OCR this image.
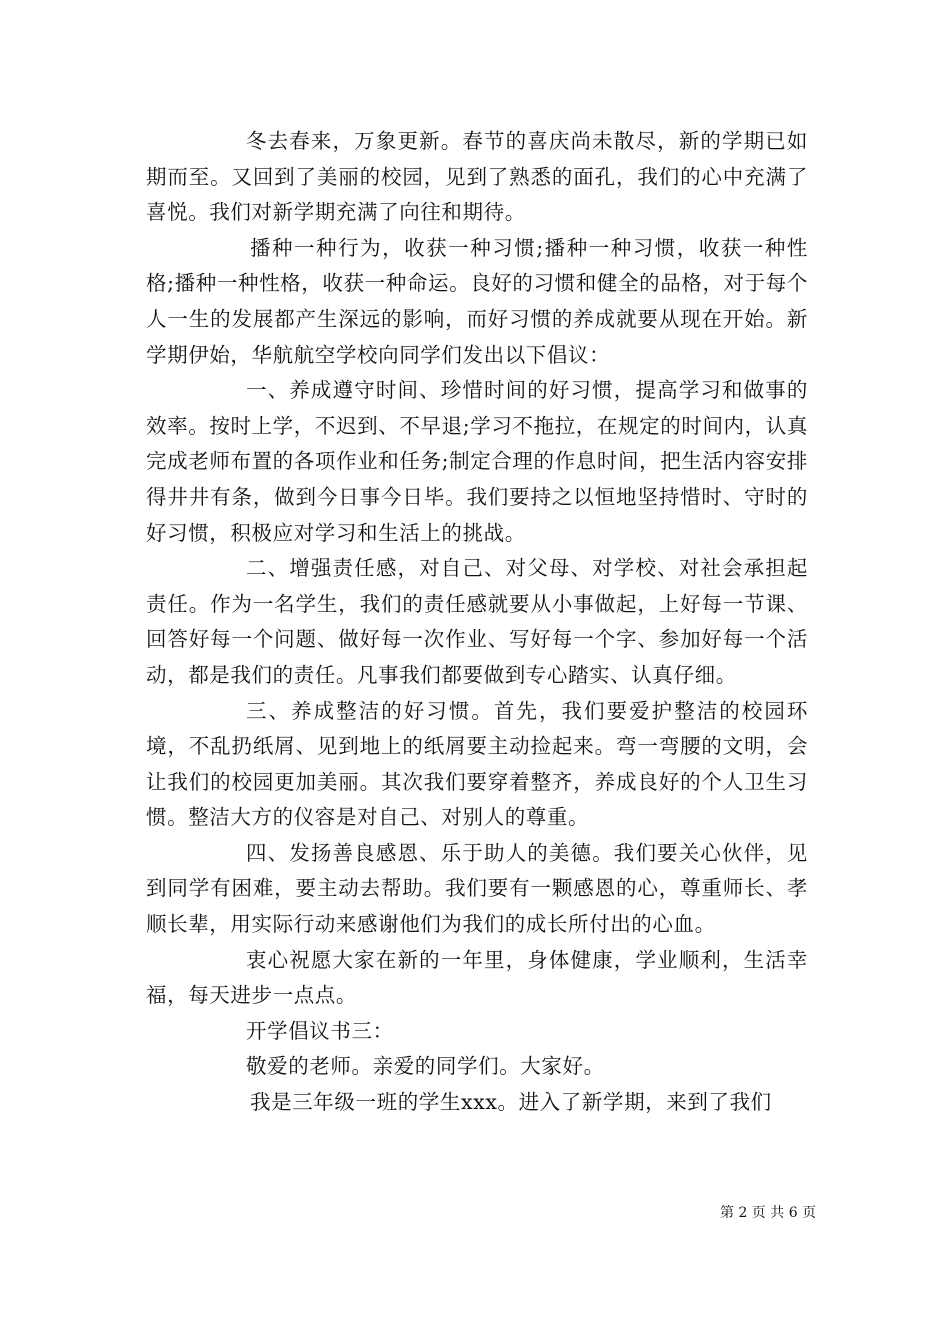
冬去春来，万象更新。春节的喜庆尚未散尽，新的学期已如期而至。又回到了美丽的校园，见到了熟悉的面孔，我们的心中充满了喜悦。我们对新学期充满了向往和期待。

播种一种行为，收获一种习惯;播种一种习惯，收获一种性格;播种一种性格，收获一种命运。良好的习惯和健全的品格，对于每个人一生的发展都产生深远的影响，而好习惯的养成就要从现在开始。新学期伊始，华航航空学校向同学们发出以下倡议：

一、养成遵守时间、珍惜时间的好习惯，提高学习和做事的效率。按时上学，不迟到、不早退;学习不拖拉，在规定的时间内，认真完成老师布置的各项作业和任务;制定合理的作息时间，把生活内容安排得井井有条，做到今日事今日毕。我们要持之以恒地坚持惜时、守时的好习惯，积极应对学习和生活上的挑战。

二、增强责任感，对自己、对父母、对学校、对社会承担起责任。作为一名学生，我们的责任感就要从小事做起，上好每一节课、回答好每一个问题、做好每一次作业、写好每一个字、参加好每一个活动，都是我们的责任。凡事我们都要做到专心踏实、认真仔细。

三、养成整洁的好习惯。首先，我们要爱护整洁的校园环境，不乱扔纸屑、见到地上的纸屑要主动捡起来。弯一弯腰的文明，会让我们的校园更加美丽。其次我们要穿着整齐，养成良好的个人卫生习惯。整洁大方的仪容是对自己、对别人的尊重。

四、发扬善良感恩、乐于助人的美德。我们要关心伙伴，见到同学有困难，要主动去帮助。我们要有一颗感恩的心，尊重师长、孝顺长辈，用实际行动来感谢他们为我们的成长所付出的心血。

衷心祝愿大家在新的一年里，身体健康，学业顺利，生活幸福，每天进步一点点。

开学倡议书三：

敬爱的老师。亲爱的同学们。大家好。

我是三年级一班的学生xxx。进入了新学期，来到了我们

第 2 页 共 6 页
